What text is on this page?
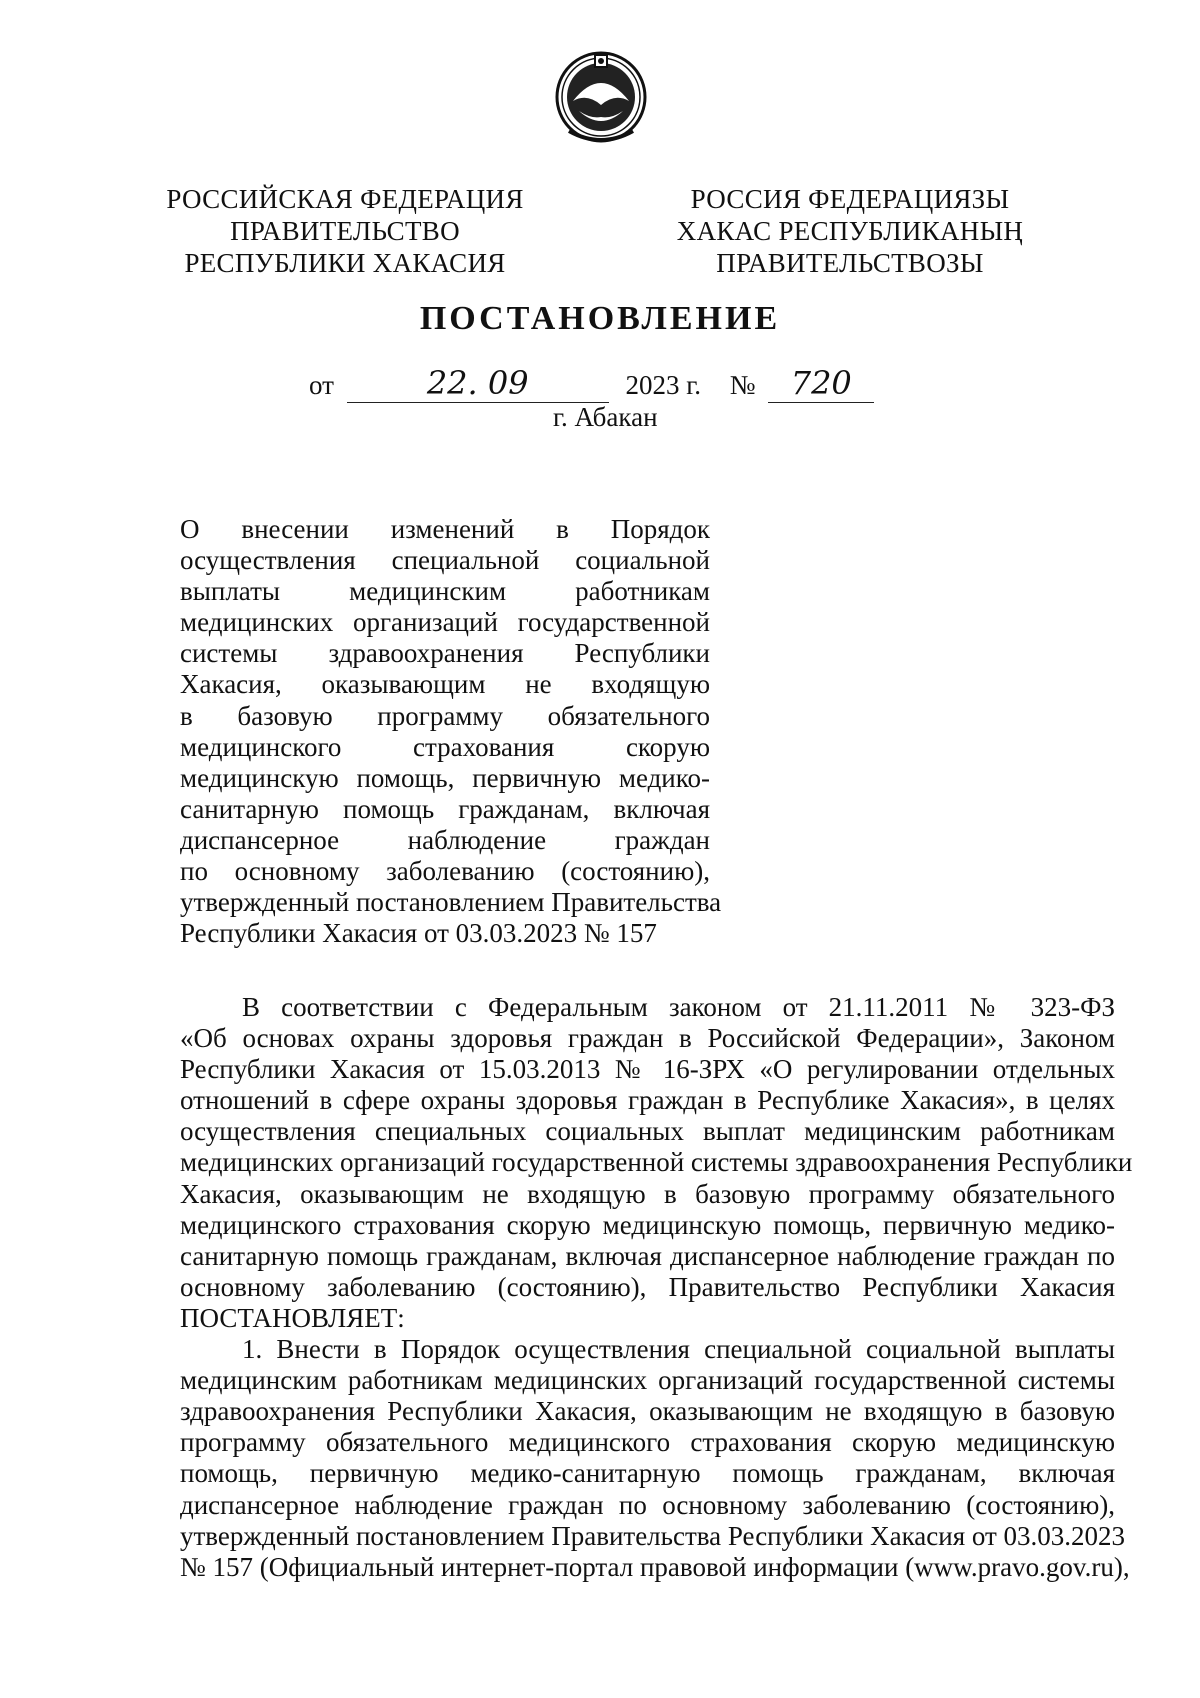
РОССИЙСКАЯ ФЕДЕРАЦИЯ
ПРАВИТЕЛЬСТВО
РЕСПУБЛИКИ ХАКАСИЯ
РОССИЯ ФЕДЕРАЦИЯЗЫ
ХАКАС РЕСПУБЛИКАНЫҢ
ПРАВИТЕЛЬСТВОЗЫ
ПОСТАНОВЛЕНИЕ
от	22. 09	2023 г. № 720
г. Абакан
О внесении изменений в Порядок
осуществления специальной социальной
выплаты медицинским работникам
медицинских организаций государственной
системы здравоохранения Республики
Хакасия, оказывающим не входящую
в базовую программу обязательного
медицинского страхования скорую
медицинскую помощь, первичную медико-
санитарную помощь гражданам, включая
диспансерное наблюдение граждан
по основному заболеванию (состоянию),
утвержденный постановлением Правительства
Республики Хакасия от 03.03.2023 № 157
В соответствии с Федеральным законом от 21.11.2011 № 323-ФЗ
«Об основах охраны здоровья граждан в Российской Федерации», Законом
Республики Хакасия от 15.03.2013 № 16-ЗРХ «О регулировании отдельных
отношений в сфере охраны здоровья граждан в Республике Хакасия», в целях
осуществления специальных социальных выплат медицинским работникам
медицинских организаций государственной системы здравоохранения Республики
Хакасия, оказывающим не входящую в базовую программу обязательного
медицинского страхования скорую медицинскую помощь, первичную медико-
санитарную помощь гражданам, включая диспансерное наблюдение граждан по
основному заболеванию (состоянию), Правительство Республики Хакасия
ПОСТАНОВЛЯЕТ:
1. Внести в Порядок осуществления специальной социальной выплаты
медицинским работникам медицинских организаций государственной системы
здравоохранения Республики Хакасия, оказывающим не входящую в базовую
программу обязательного медицинского страхования скорую медицинскую
помощь, первичную медико-санитарную помощь гражданам, включая
диспансерное наблюдение граждан по основному заболеванию (состоянию),
утвержденный постановлением Правительства Республики Хакасия от 03.03.2023
№ 157 (Официальный интернет-портал правовой информации (www.pravo.gov.ru),
